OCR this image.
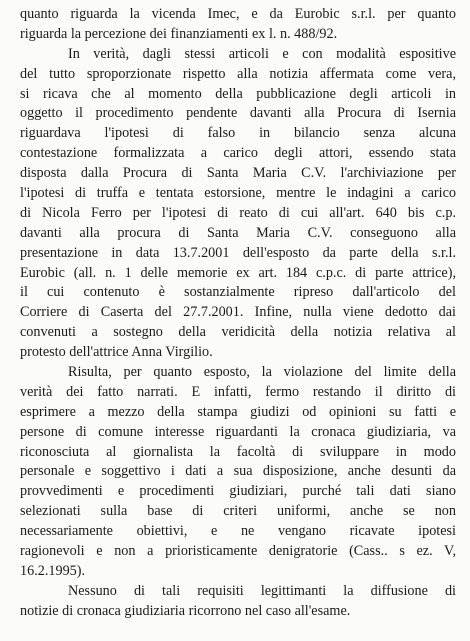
quanto riguarda la vicenda Imec, e da Eurobic s.r.l. per quanto
riguarda la percezione dei finanziamenti ex l. n. 488/92.
In verità, dagli stessi articoli e con modalità espositive
del tutto sproporzionate rispetto alla notizia affermata come vera,
si ricava che al momento della pubblicazione degli articoli in
oggetto il procedimento pendente davanti alla Procura di Isernia
riguardava l'ipotesi di falso in bilancio senza alcuna
contestazione formalizzata a carico degli attori, essendo stata
disposta dalla Procura di Santa Maria C.V. l'archiviazione per
l'ipotesi di truffa e tentata estorsione, mentre le indagini a carico
di Nicola Ferro per l'ipotesi di reato di cui all'art. 640 bis c.p.
davanti alla procura di Santa Maria C.V. conseguono alla
presentazione in data 13.7.2001 dell'esposto da parte della s.r.l.
Eurobic (all. n. 1 delle memorie ex art. 184 c.p.c. di parte attrice),
il cui contenuto è sostanzialmente ripreso dall'articolo del
Corriere di Caserta del 27.7.2001. Infine, nulla viene dedotto dai
convenuti a sostegno della veridicità della notizia relativa al
protesto dell'attrice Anna Virgilio.
Risulta, per quanto esposto, la violazione del limite della
verità dei fatto narrati. E infatti, fermo restando il diritto di
esprimere a mezzo della stampa giudizi od opinioni su fatti e
persone di comune interesse riguardanti la cronaca giudiziaria, va
riconosciuta al giornalista la facoltà di sviluppare in modo
personale e soggettivo i dati a sua disposizione, anche desunti da
provvedimenti e procedimenti giudiziari, purché tali dati siano
selezionati sulla base di criteri uniformi, anche se non
necessariamente obiettivi, e ne vengano ricavate ipotesi
ragionevoli e non a prioristicamente denigratorie (Cass.. s ez. V,
16.2.1995).
Nessuno di tali requisiti legittimanti la diffusione di
notizie di cronaca giudiziaria ricorrono nel caso all'esame.
